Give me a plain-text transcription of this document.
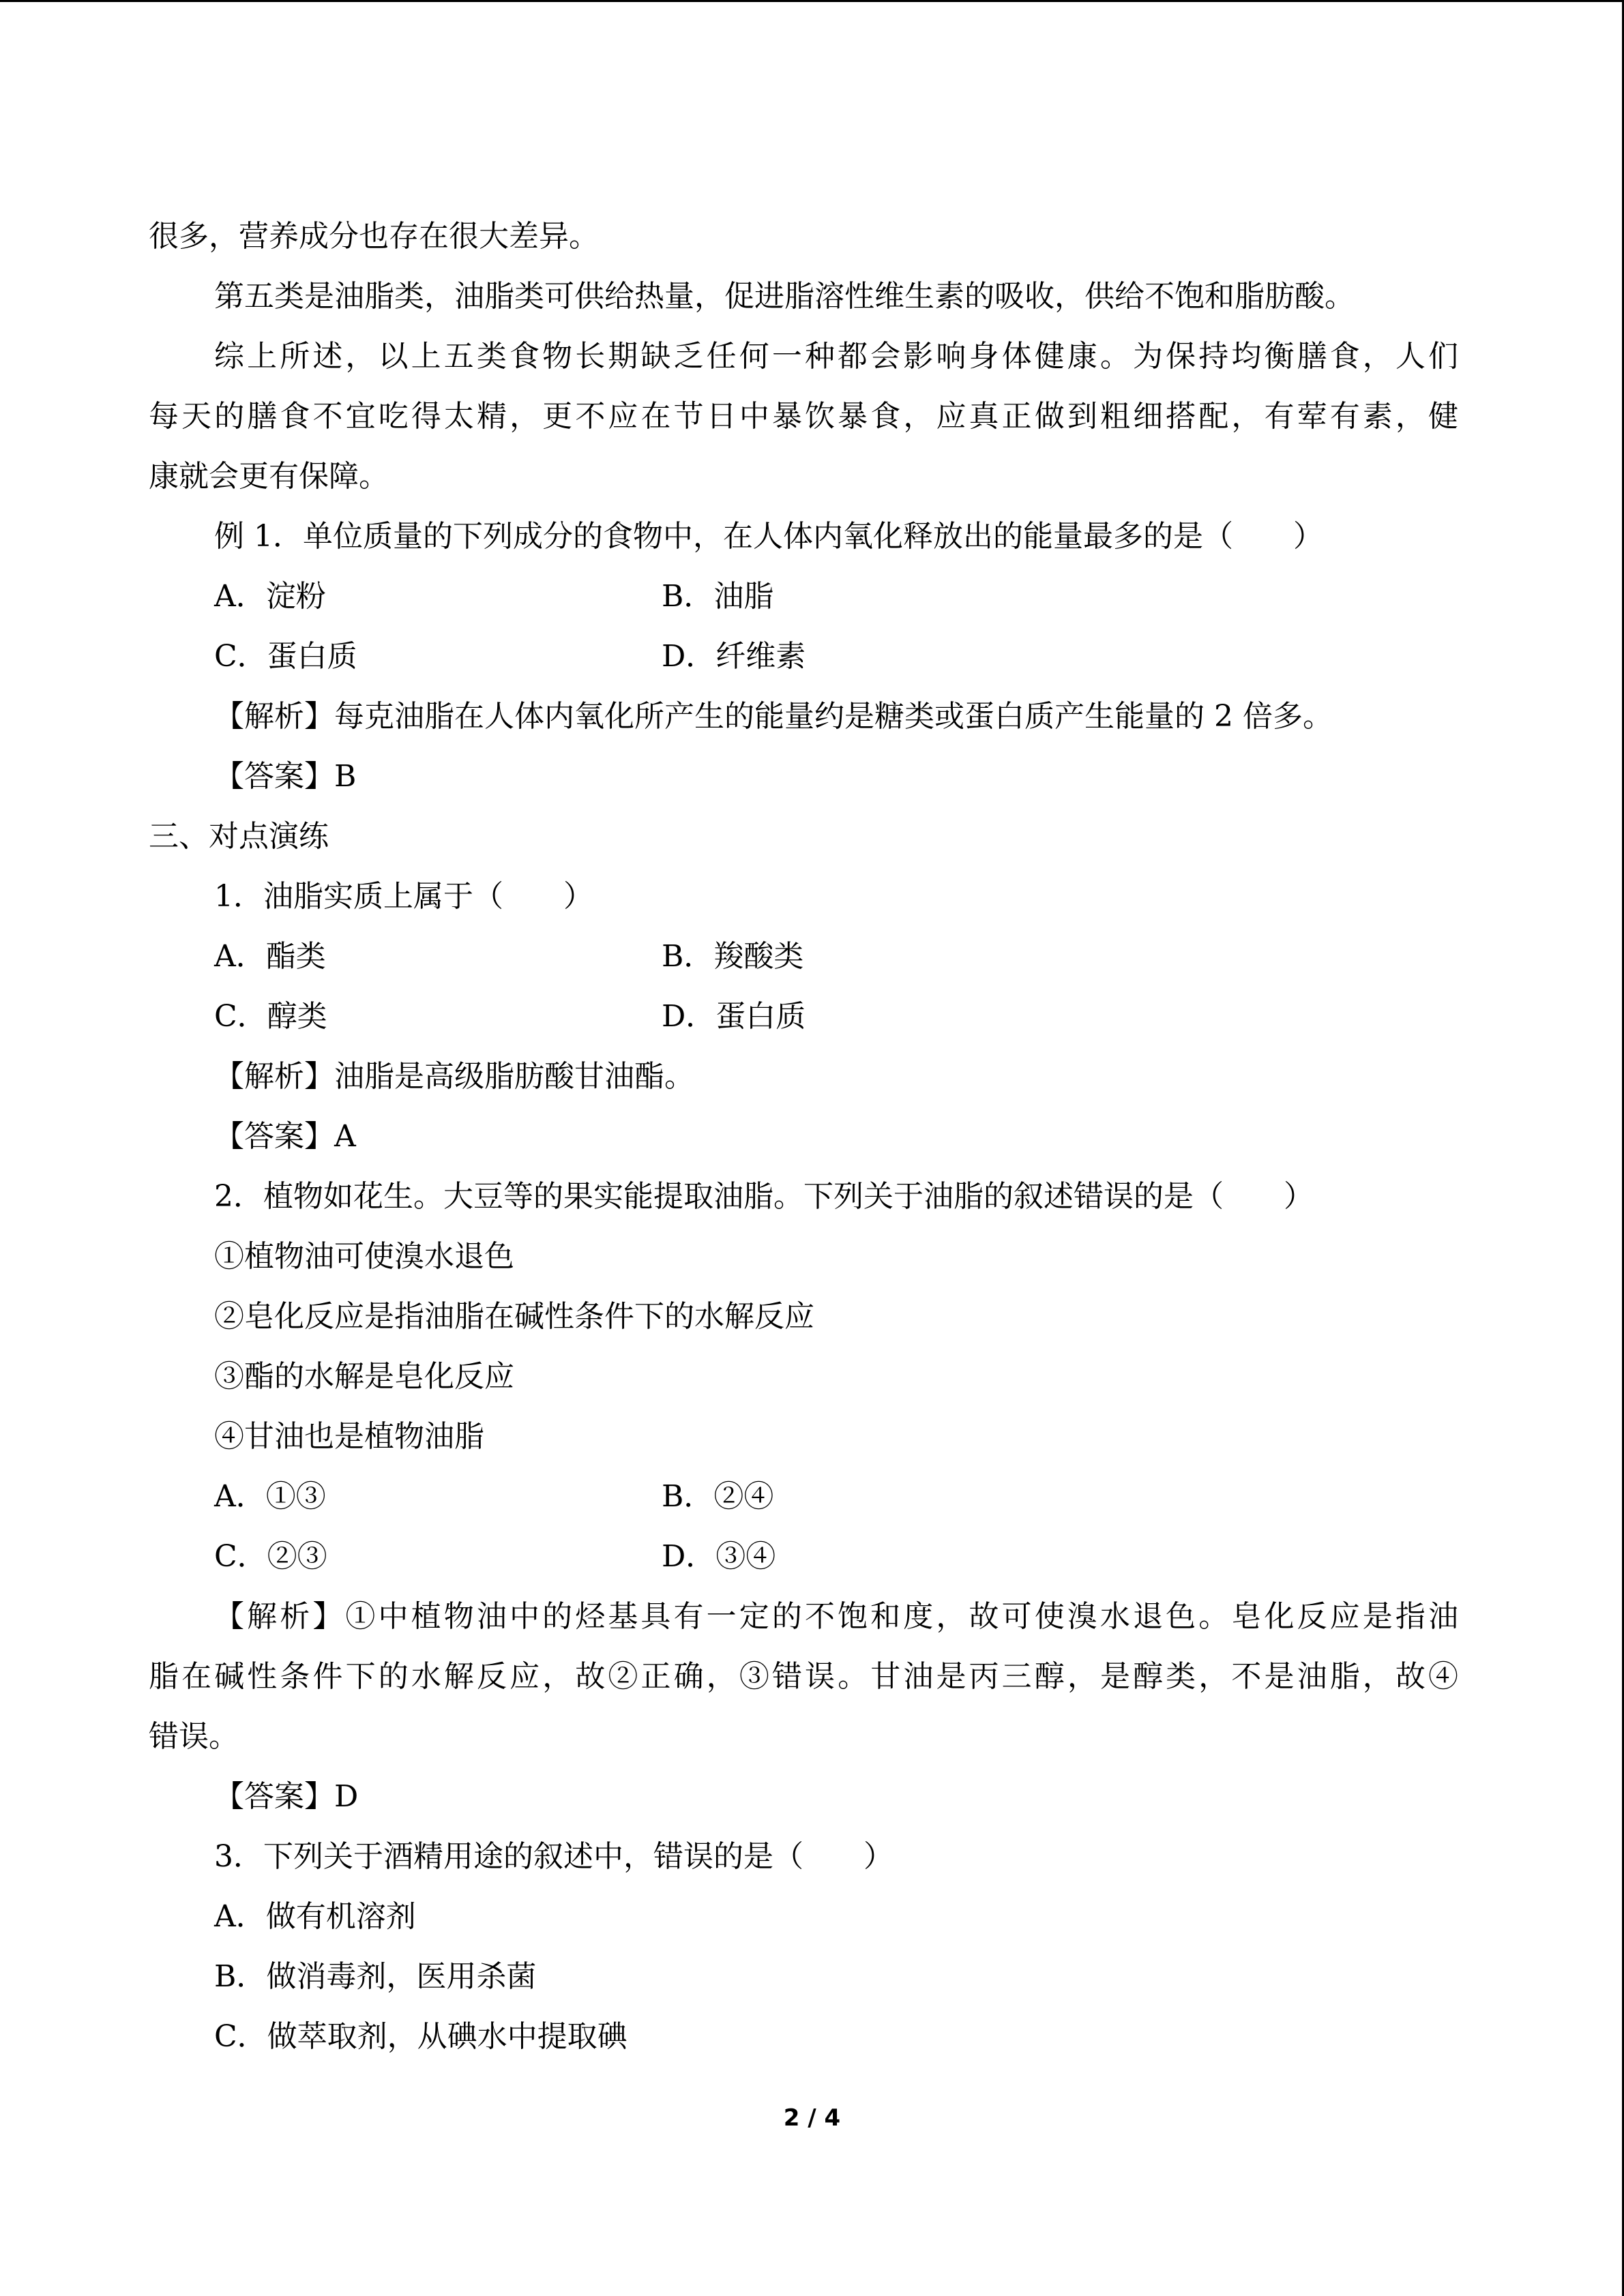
很多，营养成分也存在很大差异。
第五类是油脂类，油脂类可供给热量，促进脂溶性维生素的吸收，供给不饱和脂肪酸。
综上所述，以上五类食物长期缺乏任何一种都会影响身体健康。为保持均衡膳食，人们
每天的膳食不宜吃得太精，更不应在节日中暴饮暴食，应真正做到粗细搭配，有荤有素，健
康就会更有保障。
例 1．单位质量的下列成分的食物中，在人体内氧化释放出的能量最多的是（　　）
A．淀粉	B．油脂
C．蛋白质	D．纤维素
【解析】每克油脂在人体内氧化所产生的能量约是糖类或蛋白质产生能量的 2 倍多。
【答案】B
三、对点演练
1．油脂实质上属于（　　）
A．酯类	B．羧酸类
C．醇类	D．蛋白质
【解析】油脂是高级脂肪酸甘油酯。
【答案】A
2．植物如花生。大豆等的果实能提取油脂。下列关于油脂的叙述错误的是（　　）
①植物油可使溴水退色
②皂化反应是指油脂在碱性条件下的水解反应
③酯的水解是皂化反应
④甘油也是植物油脂
A．①③	B．②④
C．②③	D．③④
【解析】①中植物油中的烃基具有一定的不饱和度，故可使溴水退色。皂化反应是指油
脂在碱性条件下的水解反应，故②正确，③错误。甘油是丙三醇，是醇类，不是油脂，故④
错误。
【答案】D
3．下列关于酒精用途的叙述中，错误的是（　　）
A．做有机溶剂
B．做消毒剂，医用杀菌
C．做萃取剂，从碘水中提取碘
2 / 4
